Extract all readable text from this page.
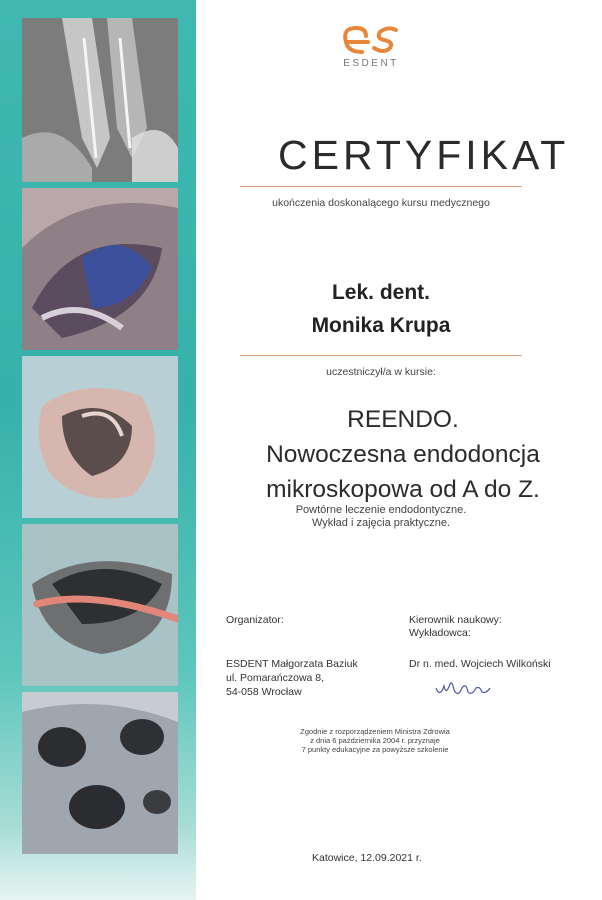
ESDENT
CERTYFIKAT
ukończenia doskonalącego kursu medycznego
Lek. dent.
Monika Krupa
uczestniczył/a w kursie:
REENDO.
Nowoczesna endodoncja
mikroskopowa od A do Z.
Powtórne leczenie endodontyczne.
Wykład i zajęcia praktyczne.
Organizator:
ESDENT Małgorzata Baziuk
ul. Pomarańczowa 8,
54-058 Wrocław
Kierownik naukowy:
Wykładowca:
Dr n. med. Wojciech Wilkoński
Zgodnie z rozporządzeniem Ministra Zdrowia
z dnia 6 października 2004 r. przyznaje
7 punkty edukacyjne za powyższe szkolenie
Katowice, 12.09.2021 r.
